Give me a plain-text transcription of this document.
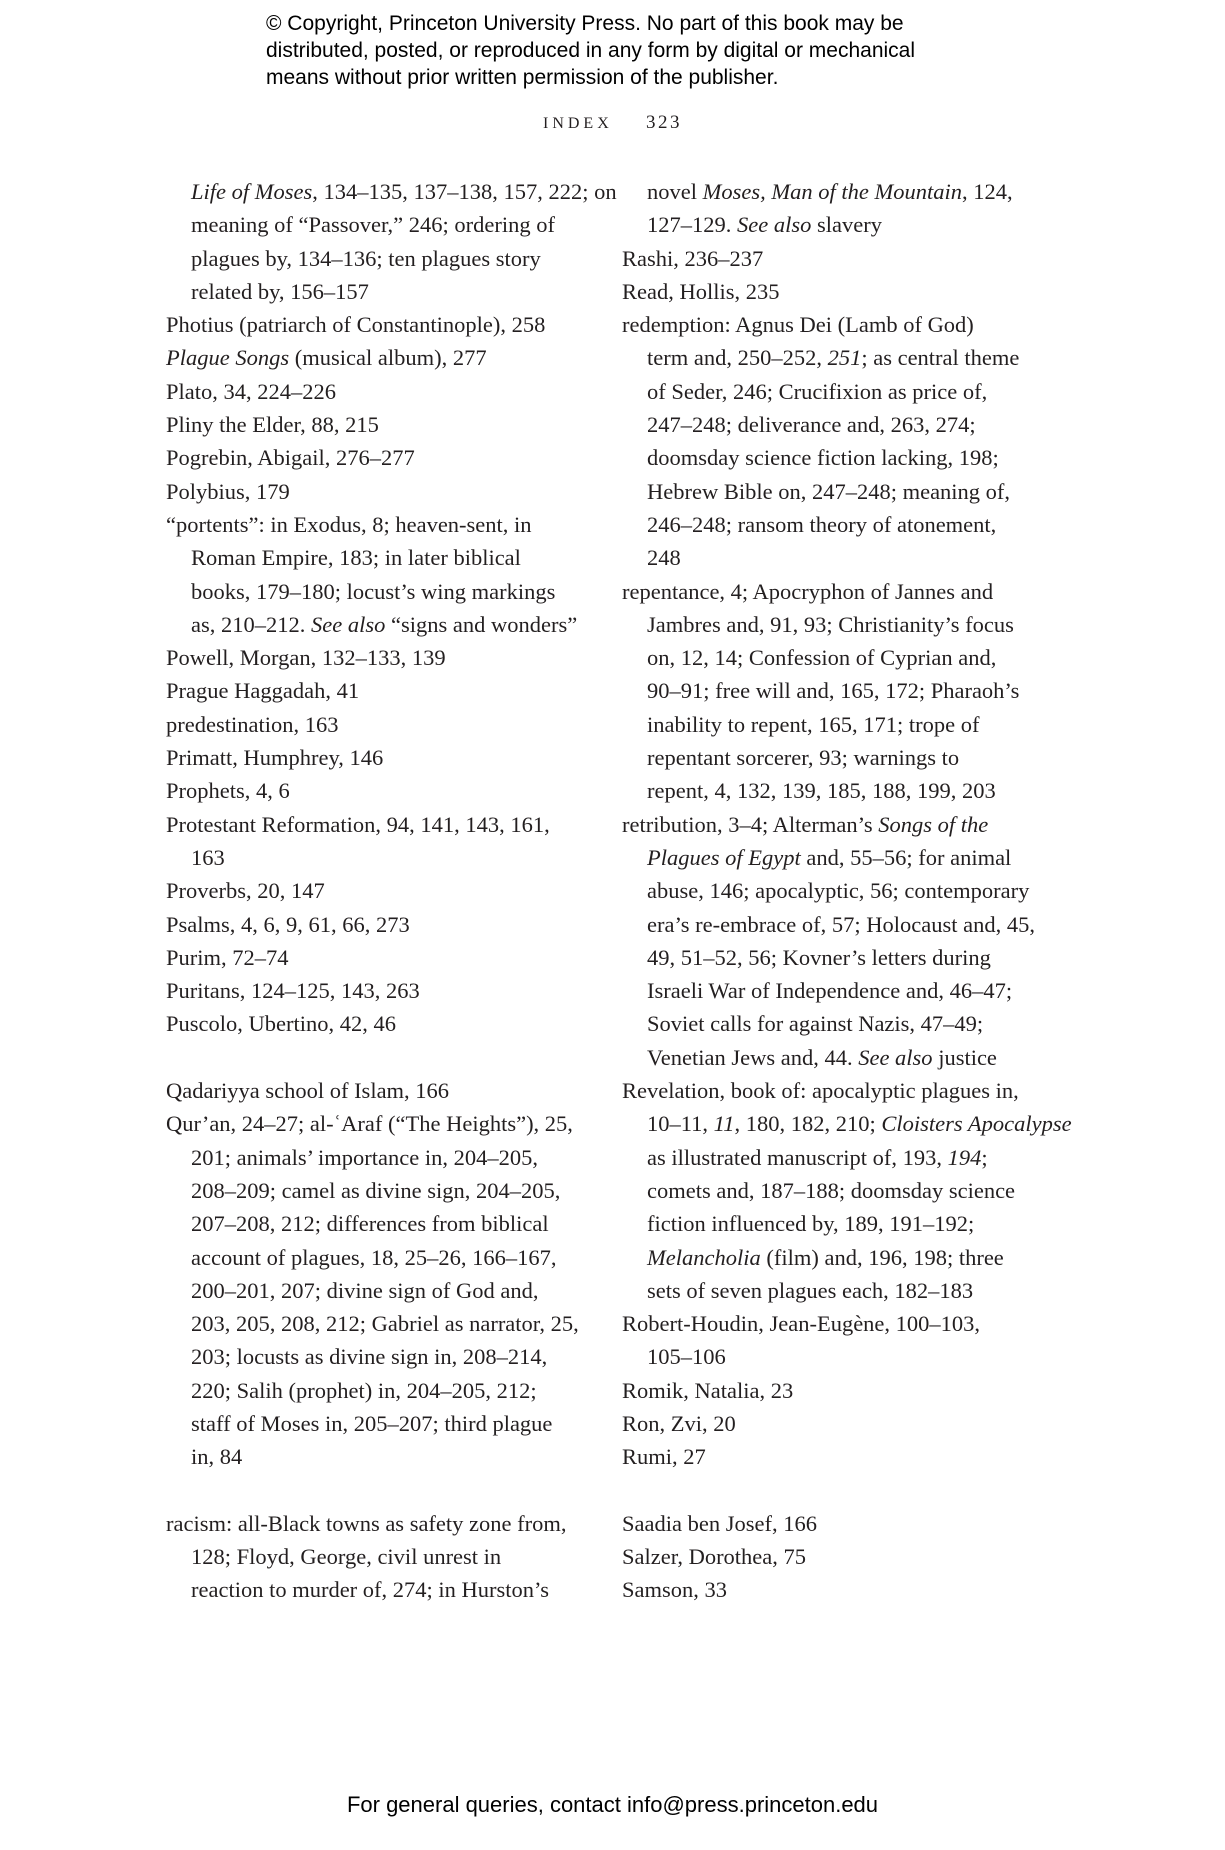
© Copyright, Princeton University Press. No part of this book may be
distributed, posted, or reproduced in any form by digital or mechanical
means without prior written permission of the publisher.
INDEX 323
Life of Moses, 134–135, 137–138, 157, 222; on
meaning of “Passover,” 246; ordering of
plagues by, 134–136; ten plagues story
related by, 156–157
Photius (patriarch of Constantinople), 258
Plague Songs (musical album), 277
Plato, 34, 224–226
Pliny the Elder, 88, 215
Pogrebin, Abigail, 276–277
Polybius, 179
“portents”: in Exodus, 8; heaven-sent, in
Roman Empire, 183; in later biblical
books, 179–180; locust’s wing markings
as, 210–212. See also “signs and wonders”
Powell, Morgan, 132–133, 139
Prague Haggadah, 41
predestination, 163
Primatt, Humphrey, 146
Prophets, 4, 6
Protestant Reformation, 94, 141, 143, 161,
163
Proverbs, 20, 147
Psalms, 4, 6, 9, 61, 66, 273
Purim, 72–74
Puritans, 124–125, 143, 263
Puscolo, Ubertino, 42, 46
Qadariyya school of Islam, 166
Qur’an, 24–27; al-ʿAraf (“The Heights”), 25,
201; animals’ importance in, 204–205,
208–209; camel as divine sign, 204–205,
207–208, 212; differences from biblical
account of plagues, 18, 25–26, 166–167,
200–201, 207; divine sign of God and,
203, 205, 208, 212; Gabriel as narrator, 25,
203; locusts as divine sign in, 208–214,
220; Salih (prophet) in, 204–205, 212;
staff of Moses in, 205–207; third plague
in, 84
racism: all-Black towns as safety zone from,
128; Floyd, George, civil unrest in
reaction to murder of, 274; in Hurston’s
novel Moses, Man of the Mountain, 124,
127–129. See also slavery
Rashi, 236–237
Read, Hollis, 235
redemption: Agnus Dei (Lamb of God)
term and, 250–252, 251; as central theme
of Seder, 246; Crucifixion as price of,
247–248; deliverance and, 263, 274;
doomsday science fiction lacking, 198;
Hebrew Bible on, 247–248; meaning of,
246–248; ransom theory of atonement,
248
repentance, 4; Apocryphon of Jannes and
Jambres and, 91, 93; Christianity’s focus
on, 12, 14; Confession of Cyprian and,
90–91; free will and, 165, 172; Pharaoh’s
inability to repent, 165, 171; trope of
repentant sorcerer, 93; warnings to
repent, 4, 132, 139, 185, 188, 199, 203
retribution, 3–4; Alterman’s Songs of the
Plagues of Egypt and, 55–56; for animal
abuse, 146; apocalyptic, 56; contemporary
era’s re-embrace of, 57; Holocaust and, 45,
49, 51–52, 56; Kovner’s letters during
Israeli War of Independence and, 46–47;
Soviet calls for against Nazis, 47–49;
Venetian Jews and, 44. See also justice
Revelation, book of: apocalyptic plagues in,
10–11, 11, 180, 182, 210; Cloisters Apocalypse
as illustrated manuscript of, 193, 194;
comets and, 187–188; doomsday science
fiction influenced by, 189, 191–192;
Melancholia (film) and, 196, 198; three
sets of seven plagues each, 182–183
Robert-Houdin, Jean-Eugène, 100–103,
105–106
Romik, Natalia, 23
Ron, Zvi, 20
Rumi, 27
Saadia ben Josef, 166
Salzer, Dorothea, 75
Samson, 33
For general queries, contact info@press.princeton.edu
